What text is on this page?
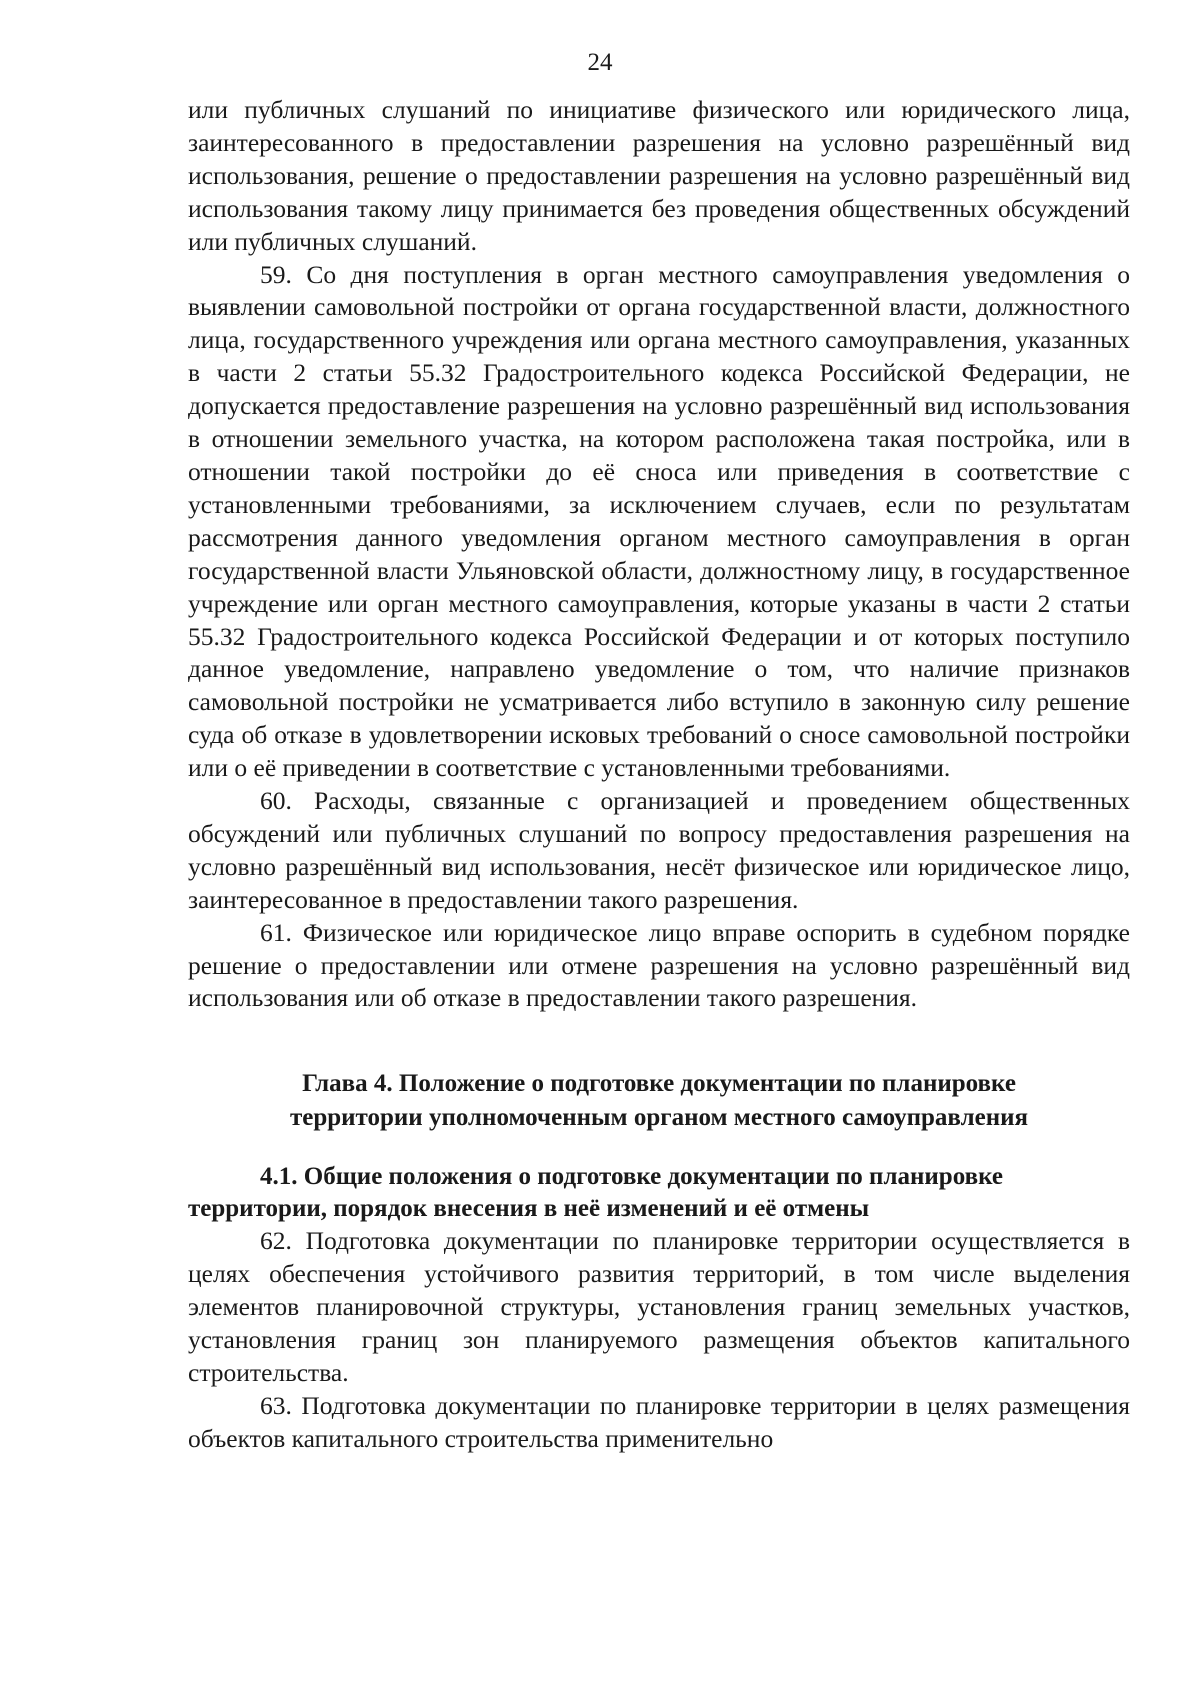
24

или публичных слушаний по инициативе физического или юридического лица, заинтересованного в предоставлении разрешения на условно разрешённый вид использования, решение о предоставлении разрешения на условно разрешённый вид использования такому лицу принимается без проведения общественных обсуждений или публичных слушаний.

59. Со дня поступления в орган местного самоуправления уведомления о выявлении самовольной постройки от органа государственной власти, должностного лица, государственного учреждения или органа местного самоуправления, указанных в части 2 статьи 55.32 Градостроительного кодекса Российской Федерации, не допускается предоставление разрешения на условно разрешённый вид использования в отношении земельного участка, на котором расположена такая постройка, или в отношении такой постройки до её сноса или приведения в соответствие с установленными требованиями, за исключением случаев, если по результатам рассмотрения данного уведомления органом местного самоуправления в орган государственной власти Ульяновской области, должностному лицу, в государственное учреждение или орган местного самоуправления, которые указаны в части 2 статьи 55.32 Градостроительного кодекса Российской Федерации и от которых поступило данное уведомление, направлено уведомление о том, что наличие признаков самовольной постройки не усматривается либо вступило в законную силу решение суда об отказе в удовлетворении исковых требований о сносе самовольной постройки или о её приведении в соответствие с установленными требованиями.

60. Расходы, связанные с организацией и проведением общественных обсуждений или публичных слушаний по вопросу предоставления разрешения на условно разрешённый вид использования, несёт физическое или юридическое лицо, заинтересованное в предоставлении такого разрешения.

61. Физическое или юридическое лицо вправе оспорить в судебном порядке решение о предоставлении или отмене разрешения на условно разрешённый вид использования или об отказе в предоставлении такого разрешения.

Глава 4. Положение о подготовке документации по планировке
территории уполномоченным органом местного самоуправления
4.1. Общие положения о подготовке документации по планировке
территории, порядок внесения в неё изменений и её отмены

62. Подготовка документации по планировке территории осуществляется в целях обеспечения устойчивого развития территорий, в том числе выделения элементов планировочной структуры, установления границ земельных участков, установления границ зон планируемого размещения объектов капитального строительства.

63. Подготовка документации по планировке территории в целях размещения объектов капитального строительства применительно
